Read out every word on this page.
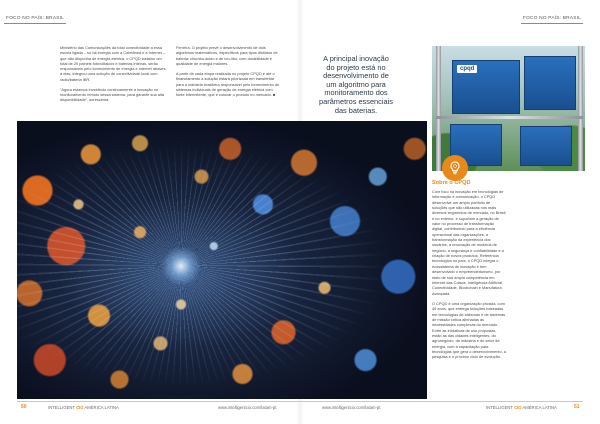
FOCO NO PAÍS: BRASIL	FOCO NO PAÍS: BRASIL

Ministério das Comunicações da total conectividade a essa escola ligada – só há energia com a Coletânea e a Internet – que não dispunha de energia elétrica, o CPQD instalou um total de 20 painéis fotovoltaicos e baterias inteiras, serão responsáveis pelo fornecimento de energia e internet através à elas, integrou uma solução de conectividade local com rádio/bateria IBR.

"Agora estamos investindo continuamente a inovação no monitoramento remoto dessa sistema, para garantir sua alta disponibilidade", acrescenta

Ferreira. O projeto prevê o desenvolvimento de dois algoritmos matemáticos, específicos para tipos distintos de bateria: chumbo-ácido e de íon-lítio, com durabilidade e qualidade de energia maiores.

A partir de cada etapa realizada no projeto CPQD e até o financiamento a solução estará priorizada em transferida para a indústria brasileira responsável pelo fornecimento de sistemas individuais de geração de energia elétrica com fonte intermitente, que é colocar o produto no mercado. ■

A principal inovação
do projeto está no
desenvolvimento de
um algoritmo para
monitoramento dos
parâmetros essenciais
das baterias.
cpqd
Sobre o CPQD

Com foco na inovação em tecnologias de informação e comunicação, o CPQD desenvolve um amplo portfólio de soluções que são utilizadas nos mais diversos segmentos de mercado, no Brasil e no exterior, e suportam a geração de valor no processo de transformação digital, contribuindo para a eficiência operacional das organizações, a transformação da experiência dos usuários, a renovação de modelos de negócio, a segurança e confiabilidade e a criação de novos produtos. Referência tecnológica no país, o CPQD integra o ecossistema de inovação e tem desenvolvido o empreendedorismo, por meio de sua ampla competência em Internet das Coisas, Inteligência Artificial, Conectividade, Blockchain e Manufatura Avançada.

O CPQD é uma organização privada, com 45 anos, que entrega soluções baseadas em tecnologias de sistemas e de sistemas de missão crítica alinhadas às necessidades complexas do mercado. Entre as iniciativas de uso propostas, estão as das cidades inteligentes, do agronegócio, da indústria e do setor de energia, com a capacitação para tecnologias que gera o desenvolvimento, a pesquisa e o próximo ciclo de evolução.

50	INTELLIGENT CIO AMÉRICA LATINA	www.intelligentcio.com/latam-pt	www.intelligentcio.com/latam-pt	INTELLIGENT CIO AMÉRICA LATINA	51
